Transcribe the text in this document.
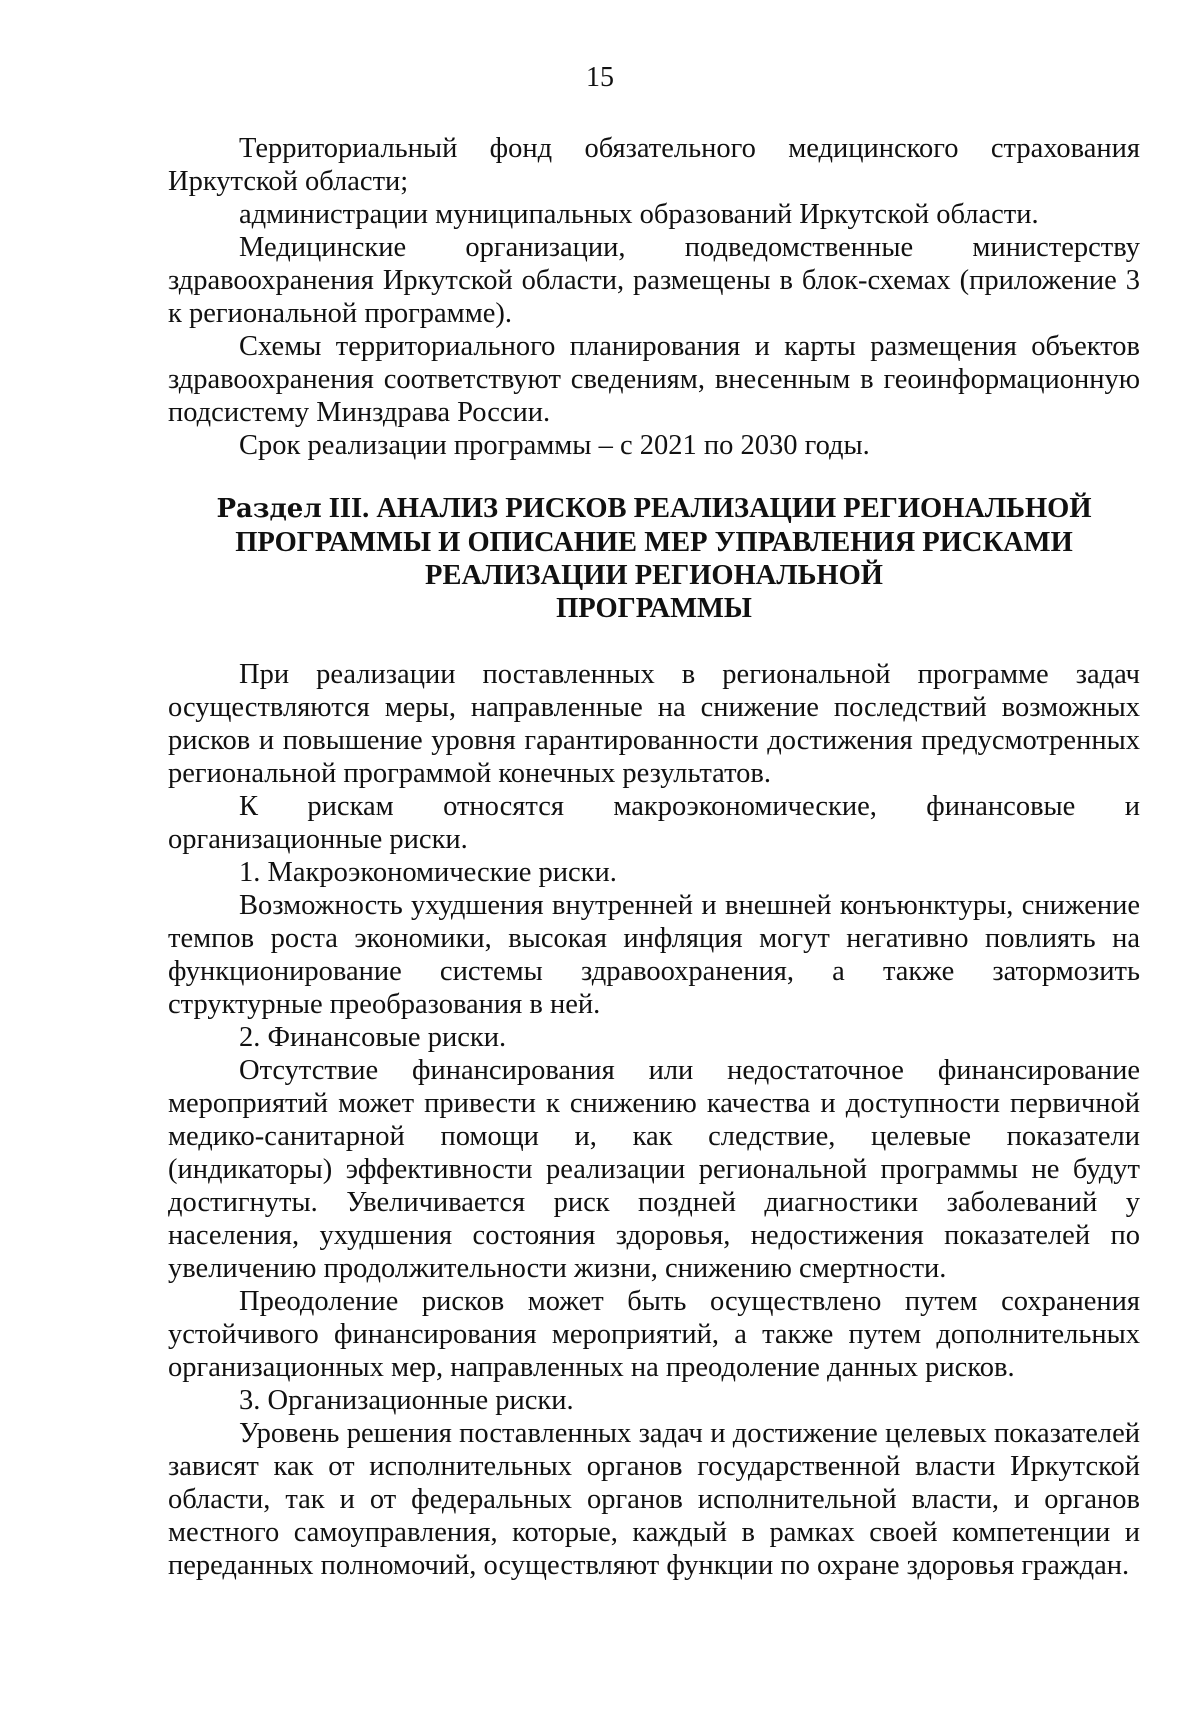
15

Территориальный фонд обязательного медицинского страхования Иркутской области;

администрации муниципальных образований Иркутской области.

Медицинские организации, подведомственные министерству здравоохранения Иркутской области, размещены в блок-схемах (приложение 3 к региональной программе).

Схемы территориального планирования и карты размещения объектов здравоохранения соответствуют сведениям, внесенным в геоинформационную подсистему Минздрава России.

Срок реализации программы – с 2021 по 2030 годы.

Раздел III. АНАЛИЗ РИСКОВ РЕАЛИЗАЦИИ РЕГИОНАЛЬНОЙ
ПРОГРАММЫ И ОПИСАНИЕ МЕР УПРАВЛЕНИЯ РИСКАМИ
РЕАЛИЗАЦИИ РЕГИОНАЛЬНОЙ
ПРОГРАММЫ

При реализации поставленных в региональной программе задач осуществляются меры, направленные на снижение последствий возможных рисков и повышение уровня гарантированности достижения предусмотренных региональной программой конечных результатов.

К рискам относятся макроэкономические, финансовые и организационные риски.

1. Макроэкономические риски.

Возможность ухудшения внутренней и внешней конъюнктуры, снижение темпов роста экономики, высокая инфляция могут негативно повлиять на функционирование системы здравоохранения, а также затормозить структурные преобразования в ней.

2. Финансовые риски.

Отсутствие финансирования или недостаточное финансирование мероприятий может привести к снижению качества и доступности первичной медико-санитарной помощи и, как следствие, целевые показатели (индикаторы) эффективности реализации региональной программы не будут достигнуты. Увеличивается риск поздней диагностики заболеваний у населения, ухудшения состояния здоровья, недостижения показателей по увеличению продолжительности жизни, снижению смертности.

Преодоление рисков может быть осуществлено путем сохранения устойчивого финансирования мероприятий, а также путем дополнительных организационных мер, направленных на преодоление данных рисков.

3. Организационные риски.

Уровень решения поставленных задач и достижение целевых показателей зависят как от исполнительных органов государственной власти Иркутской области, так и от федеральных органов исполнительной власти, и органов местного самоуправления, которые, каждый в рамках своей компетенции и переданных полномочий, осуществляют функции по охране здоровья граждан.
